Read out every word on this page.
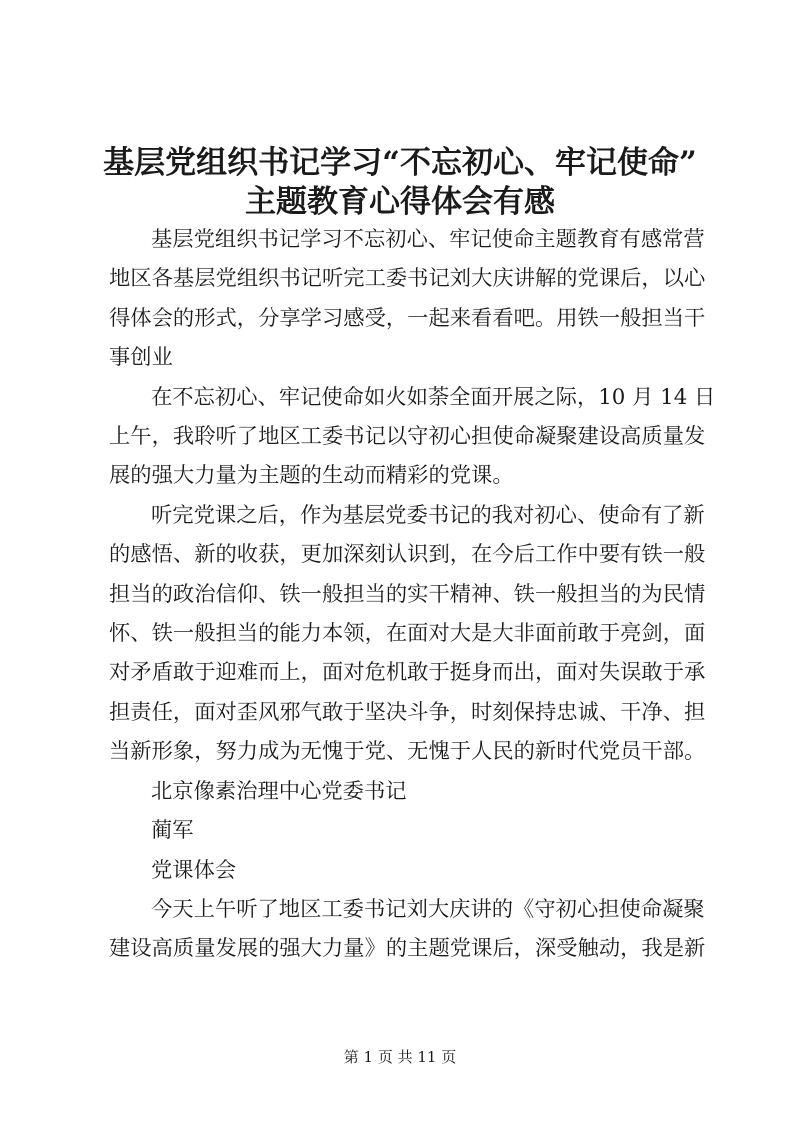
基层党组织书记学习“不忘初心、牢记使命”
主题教育心得体会有感

基层党组织书记学习不忘初心、牢记使命主题教育有感常营

地区各基层党组织书记听完工委书记刘大庆讲解的党课后，以心

得体会的形式，分享学习感受，一起来看看吧。用铁一般担当干

事创业

在不忘初心、牢记使命如火如荼全面开展之际，10 月 14 日

上午，我聆听了地区工委书记以守初心担使命凝聚建设高质量发

展的强大力量为主题的生动而精彩的党课。

听完党课之后，作为基层党委书记的我对初心、使命有了新

的感悟、新的收获，更加深刻认识到，在今后工作中要有铁一般

担当的政治信仰、铁一般担当的实干精神、铁一般担当的为民情

怀、铁一般担当的能力本领，在面对大是大非面前敢于亮剑，面

对矛盾敢于迎难而上，面对危机敢于挺身而出，面对失误敢于承

担责任，面对歪风邪气敢于坚决斗争，时刻保持忠诚、干净、担

当新形象，努力成为无愧于党、无愧于人民的新时代党员干部。

北京像素治理中心党委书记

蔺军

党课体会

今天上午听了地区工委书记刘大庆讲的《守初心担使命凝聚

建设高质量发展的强大力量》的主题党课后，深受触动，我是新

第 1 页 共 11 页
